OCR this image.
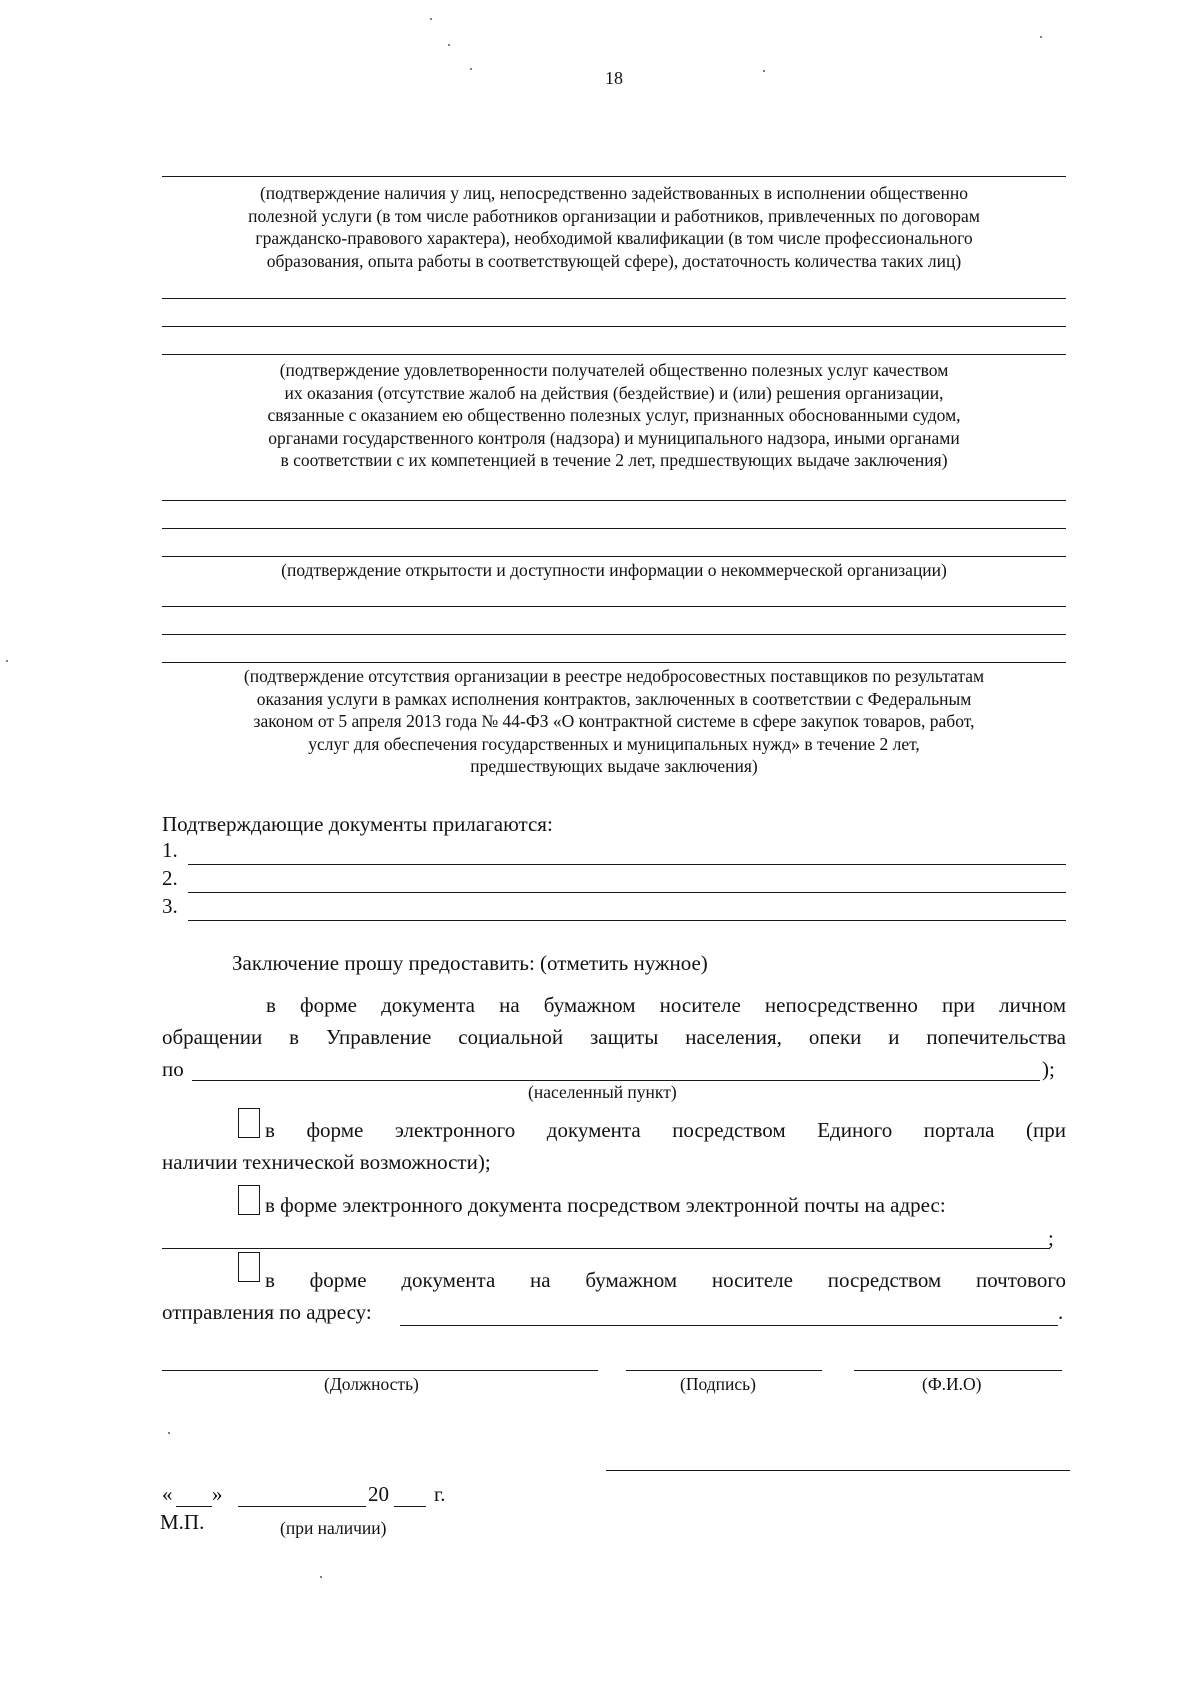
18
(подтверждение наличия у лиц, непосредственно задействованных в исполнении общественно
полезной услуги (в том числе работников организации и работников, привлеченных по договорам
гражданско-правового характера), необходимой квалификации (в том числе профессионального
образования, опыта работы в соответствующей сфере), достаточность количества таких лиц)
(подтверждение удовлетворенности получателей общественно полезных услуг качеством
их оказания (отсутствие жалоб на действия (бездействие) и (или) решения организации,
связанные с оказанием ею общественно полезных услуг, признанных обоснованными судом,
органами государственного контроля (надзора) и муниципального надзора, иными органами
в соответствии с их компетенцией в течение 2 лет, предшествующих выдаче заключения)
(подтверждение открытости и доступности информации о некоммерческой организации)
(подтверждение отсутствия организации в реестре недобросовестных поставщиков по результатам
оказания услуги в рамках исполнения контрактов, заключенных в соответствии с Федеральным
законом от 5 апреля 2013 года № 44-ФЗ «О контрактной системе в сфере закупок товаров, работ,
услуг для обеспечения государственных и муниципальных нужд» в течение 2 лет,
предшествующих выдаче заключения)
Подтверждающие документы прилагаются:
1.
2.
3.
Заключение прошу предоставить: (отметить нужное)
в форме документа на бумажном носителе непосредственно при личном
обращении в Управление социальной защиты населения, опеки и попечительства
по	);
(населенный пункт)
в форме электронного документа посредством Единого портала (при
наличии технической возможности);
в форме электронного документа посредством электронной почты на адрес:
;
в форме документа на бумажном носителе посредством почтового
отправления по адресу:	.
(Должность)	(Подпись)	(Ф.И.О)
« »	20 г.
М.П.	(при наличии)
